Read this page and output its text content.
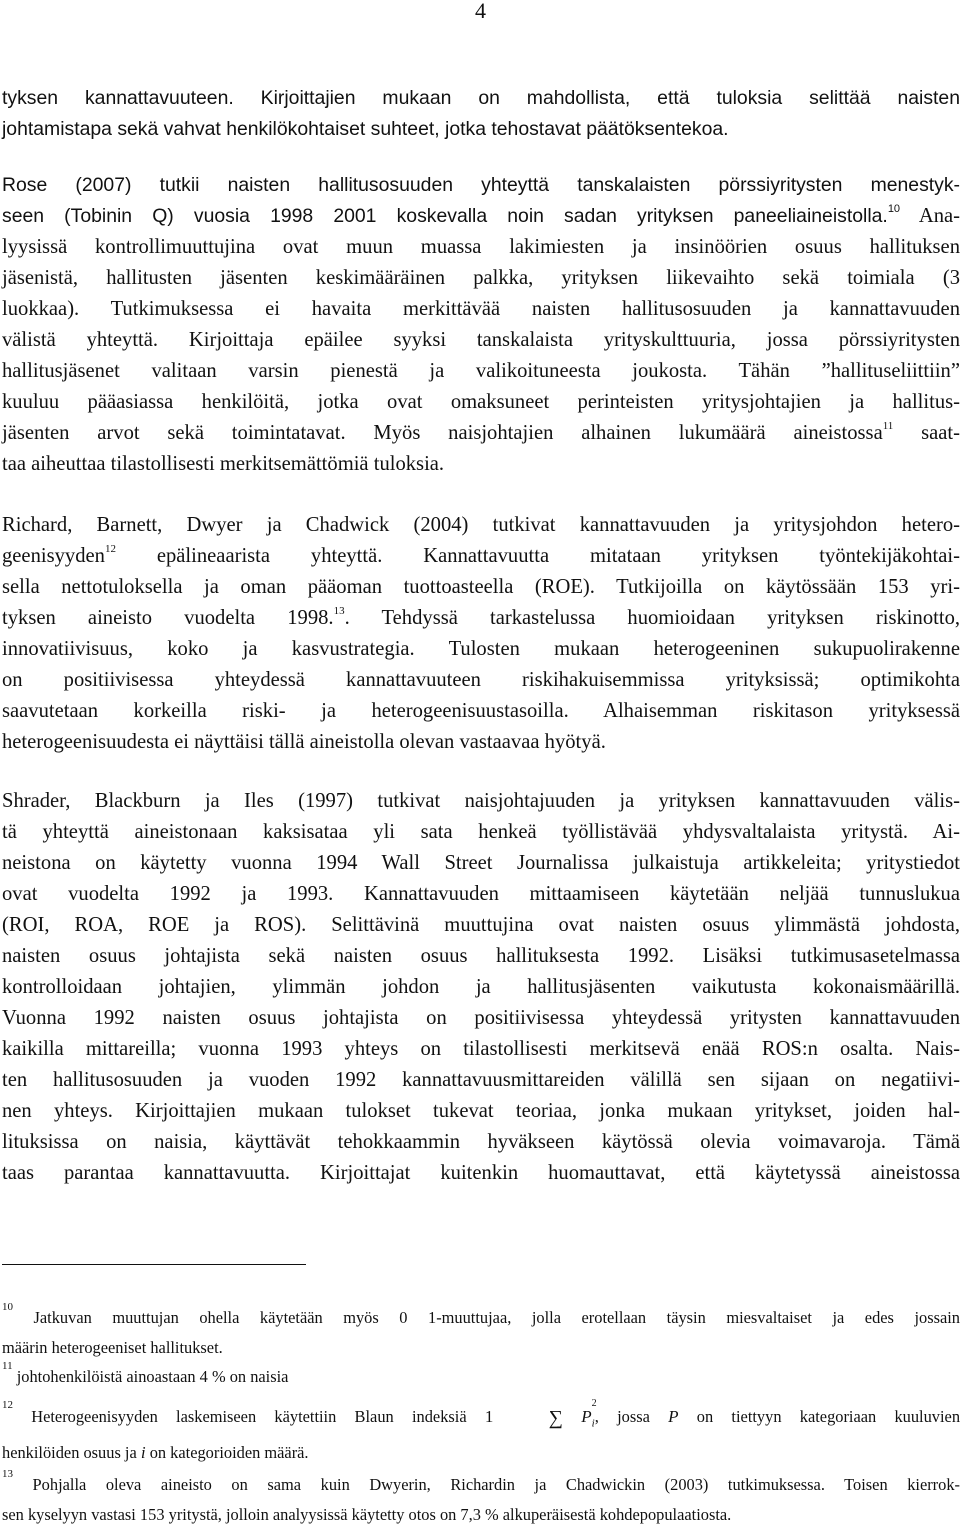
4
tyksen kannattavuuteen. Kirjoittajien mukaan on mahdollista, että tuloksia selittää naisten
johtamistapa sekä vahvat henkilökohtaiset suhteet, jotka tehostavat päätöksentekoa.
Rose (2007) tutkii naisten hallitusosuuden yhteyttä tanskalaisten pörssiyritysten menestyk-
seen (Tobinin Q) vuosia 1998 2001 koskevalla noin sadan yrityksen paneeliaineistolla.$^{10}$ Ana-
lyysissä kontrollimuuttujina ovat muun muassa lakimiesten ja insinöörien osuus hallituksen
jäsenistä, hallitusten jäsenten keskimääräinen palkka, yrityksen liikevaihto sekä toimiala (3
luokkaa). Tutkimuksessa ei havaita merkittävää naisten hallitusosuuden ja kannattavuuden
välistä yhteyttä. Kirjoittaja epäilee syyksi tanskalaista yrityskulttuuria, jossa pörssiyritysten
hallitusjäsenet valitaan varsin pienestä ja valikoituneesta joukosta. Tähän ”hallituseliittiin”
kuuluu pääasiassa henkilöitä, jotka ovat omaksuneet perinteisten yritysjohtajien ja hallitus-
jäsenten arvot sekä toimintatavat. Myös naisjohtajien alhainen lukumäärä aineistossa$^{11}$ saat-
taa aiheuttaa tilastollisesti merkitsemättömiä tuloksia.
Richard, Barnett, Dwyer ja Chadwick (2004) tutkivat kannattavuuden ja yritysjohdon hetero-
geenisyyden$^{12}$ epälineaarista yhteyttä. Kannattavuutta mitataan yrityksen työntekijäkohtai-
sella nettotuloksella ja oman pääoman tuottoasteella (ROE). Tutkijoilla on käytössään 153 yri-
tyksen aineisto vuodelta 1998.13. Tehdyssä tarkastelussa huomioidaan yrityksen riskinotto,
innovatiivisuus, koko ja kasvustrategia. Tulosten mukaan heterogeeninen sukupuolirakenne
on positiivisessa yhteydessä kannattavuuteen riskihakuisemmissa yrityksissä; optimikohta
saavutetaan korkeilla riski- ja heterogeenisuustasoilla. Alhaisemman riskitason yrityksessä
heterogeenisuudesta ei näyttäisi tällä aineistolla olevan vastaavaa hyötyä.
Shrader, Blackburn ja Iles (1997) tutkivat naisjohtajuuden ja yrityksen kannattavuuden välis-
tä yhteyttä aineistonaan kaksisataa yli sata henkeä työllistävää yhdysvaltalaista yritystä. Ai-
neistona on käytetty vuonna 1994 Wall Street Journalissa julkaistuja artikkeleita; yritystiedot
ovat vuodelta 1992 ja 1993. Kannattavuuden mittaamiseen käytetään neljää tunnuslukua
(ROI, ROA, ROE ja ROS). Selittävinä muuttujina ovat naisten osuus ylimmästä johdosta,
naisten osuus johtajista sekä naisten osuus hallituksesta 1992. Lisäksi tutkimusasetelmassa
kontrolloidaan johtajien, ylimmän johdon ja hallitusjäsenten vaikutusta kokonaismäärillä.
Vuonna 1992 naisten osuus johtajista on positiivisessa yhteydessä yritysten kannattavuuden
kaikilla mittareilla; vuonna 1993 yhteys on tilastollisesti merkitsevä enää ROS:n osalta. Nais-
ten hallitusosuuden ja vuoden 1992 kannattavuusmittareiden välillä sen sijaan on negatiivi-
nen yhteys. Kirjoittajien mukaan tulokset tukevat teoriaa, jonka mukaan yritykset, joiden hal-
lituksissa on naisia, käyttävät tehokkaammin hyväkseen käytössä olevia voimavaroja. Tämä
taas parantaa kannattavuutta. Kirjoittajat kuitenkin huomauttavat, että käytetyssä aineistossa
$^{10}$ Jatkuvan muuttujan ohella käytetään myös 0 1-muuttujaa, jolla erotellaan täysin miesvaltaiset ja edes jossain
määrin heterogeeniset hallitukset.
$^{11}$ johtohenkilöistä ainoastaan 4 % on naisia
$^{12}$ Heterogeenisyyden laskemiseen käytettiin Blaun indeksiä 1	∑ $P_i$
2
, jossa P on tiettyyn kategoriaan kuuluvien
henkilöiden osuus ja i on kategorioiden määrä.
$^{13}$ Pohjalla oleva aineisto on sama kuin Dwyerin, Richardin ja Chadwickin (2003) tutkimuksessa. Toisen kierrok-
sen kyselyyn vastasi 153 yritystä, jolloin analyysissä käytetty otos on 7,3 % alkuperäisestä kohdepopulaatiosta.
